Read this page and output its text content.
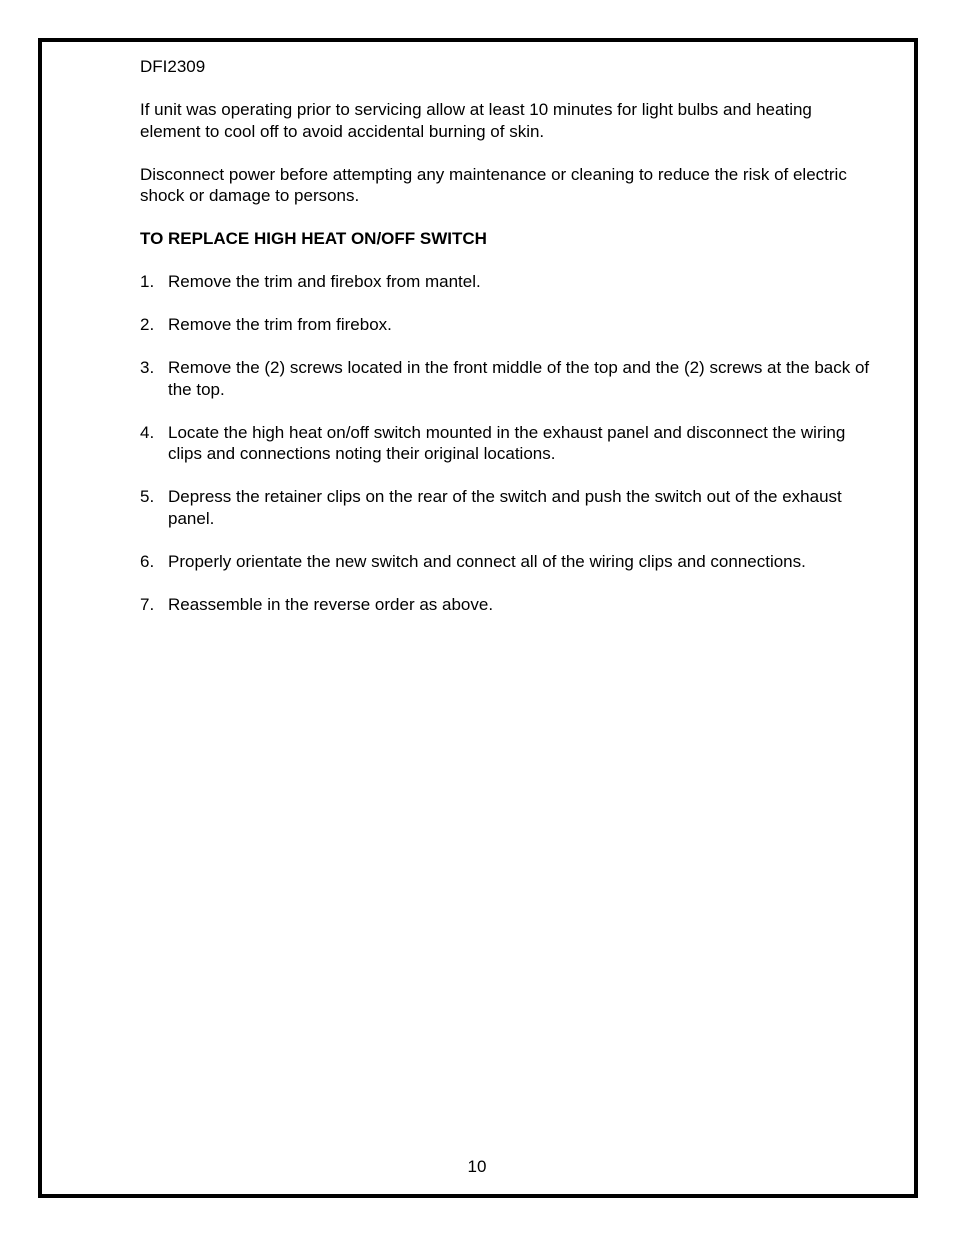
DFI2309

If unit was operating prior to servicing allow at least 10 minutes for light bulbs and heating element to cool off to avoid accidental burning of skin.

Disconnect power before attempting any maintenance or cleaning to reduce the risk of electric shock or damage to persons.

TO REPLACE HIGH HEAT ON/OFF SWITCH

1. Remove the trim and firebox from mantel.
2. Remove the trim from firebox.
3. Remove the (2) screws located in the front middle of the top and the (2) screws at the back of the top.
4. Locate the high heat on/off switch mounted in the exhaust panel and disconnect the wiring clips and connections noting their original locations.
5. Depress the retainer clips on the rear of the switch and push the switch out of the exhaust panel.
6. Properly orientate the new switch and connect all of the wiring clips and connections.
7. Reassemble in the reverse order as above.
10
